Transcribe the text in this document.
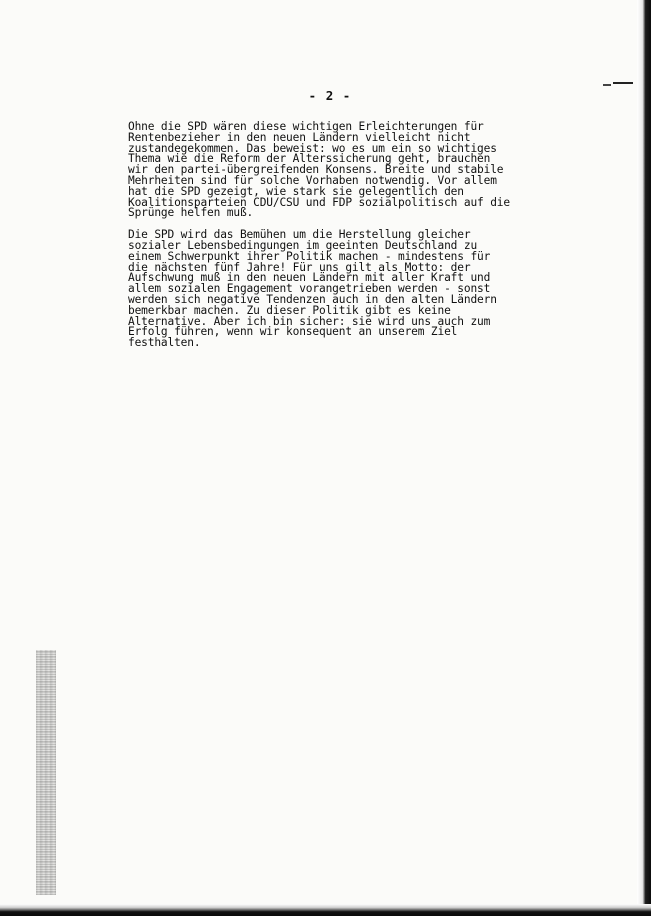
- 2 -
Ohne die SPD wären diese wichtigen Erleichterungen für
Rentenbezieher in den neuen Ländern vielleicht nicht
zustandegekommen. Das beweist: wo es um ein so wichtiges
Thema wie die Reform der Alterssicherung geht, brauchen
wir den partei-übergreifenden Konsens. Breite und stabile
Mehrheiten sind für solche Vorhaben notwendig. Vor allem
hat die SPD gezeigt, wie stark sie gelegentlich den
Koalitionsparteien CDU/CSU und FDP sozialpolitisch auf die
Sprünge helfen muß.
Die SPD wird das Bemühen um die Herstellung gleicher
sozialer Lebensbedingungen im geeinten Deutschland zu
einem Schwerpunkt ihrer Politik machen - mindestens für
die nächsten fünf Jahre! Für uns gilt als Motto: der
Aufschwung muß in den neuen Ländern mit aller Kraft und
allem sozialen Engagement vorangetrieben werden - sonst
werden sich negative Tendenzen auch in den alten Ländern
bemerkbar machen. Zu dieser Politik gibt es keine
Alternative. Aber ich bin sicher: sie wird uns auch zum
Erfolg führen, wenn wir konsequent an unserem Ziel
festhalten.
